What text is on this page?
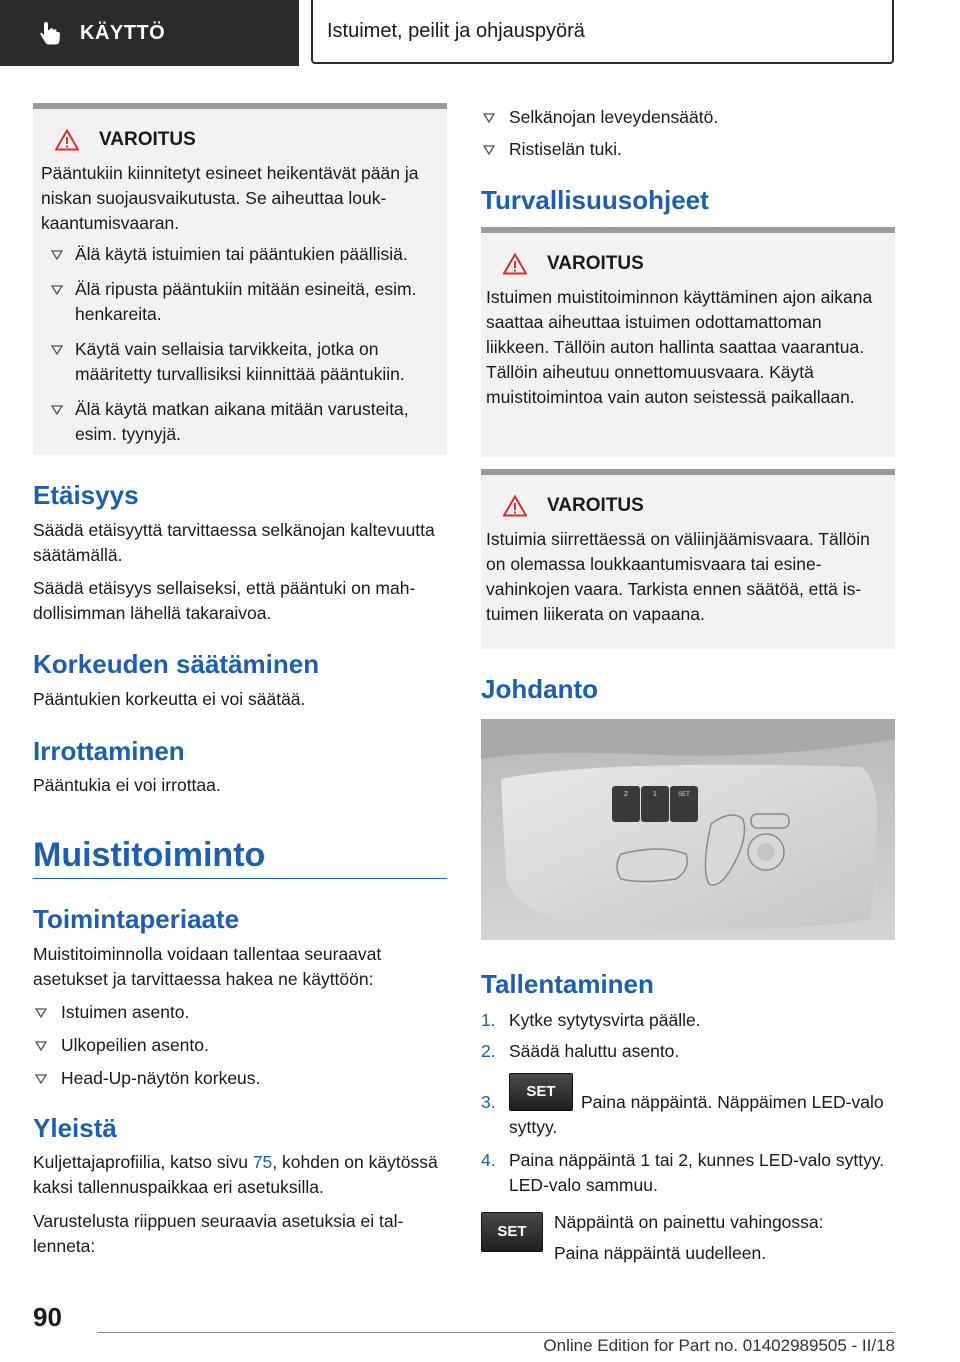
KÄYTTÖ	Istuimet, peilit ja ohjauspyörä
VAROITUS

Pääntukiin kiinnitetyt esineet heikentävät pään ja niskan suojausvaikutusta. Se aiheuttaa loukkaantumisvaaran.

Älä käytä istuimien tai pääntukien päällisiä.
Älä ripusta pääntukiin mitään esineitä, esim. henkareita.
Käytä vain sellaisia tarvikkeita, jotka on määritetty turvallisiksi kiinnittää pääntukiin.
Älä käytä matkan aikana mitään varusteita, esim. tyynyjä.
Etäisyys

Säädä etäisyyttä tarvittaessa selkänojan kaltevuutta säätämällä.

Säädä etäisyys sellaiseksi, että pääntuki on mahdollisimman lähellä takaraivoa.

Korkeuden säätäminen

Pääntukien korkeutta ei voi säätää.

Irrottaminen

Pääntukia ei voi irrottaa.

Muistitoiminto
Toimintaperiaate

Muistitoiminnolla voidaan tallentaa seuraavat asetukset ja tarvittaessa hakea ne käyttöön:

Istuimen asento.
Ulkopeilien asento.
Head-Up-näytön korkeus.
Yleistä

Kuljettajaprofiilia, katso sivu 75, kohden on käytössä kaksi tallennuspaikkaa eri asetuksilla.

Varustelusta riippuen seuraavia asetuksia ei tallenneta:

Selkänojan leveydensäätö.
Ristiselän tuki.
Turvallisuusohjeet
VAROITUS

Istuimen muistitoiminnon käyttäminen ajon aikana saattaa aiheuttaa istuimen odottamattoman liikkeen. Tällöin auton hallinta saattaa vaarantua. Tällöin aiheutuu onnettomuusvaara. Käytä muistitoimintoa vain auton seistessä paikallaan.

VAROITUS

Istuimia siirrettäessä on väliinjäämisvaara. Tällöin on olemassa loukkaantumisvaara tai esinevahinkojen vaara. Tarkista ennen säätöä, että istuimen liikerata on vapaana.

Johdanto
2	1	SET
Tallentaminen
1. Kytke sytytysvirta päälle.
2. Säädä haluttu asento.
3.
SET
Paina näppäintä. Näppäimen LED-valo syttyy.
4. Paina näppäintä 1 tai 2, kunnes LED-valo syttyy. LED-valo sammuu.
SET	Näppäintä on painettu vahingossa:

Paina näppäintä uudelleen.

90
Online Edition for Part no. 01402989505 - II/18
